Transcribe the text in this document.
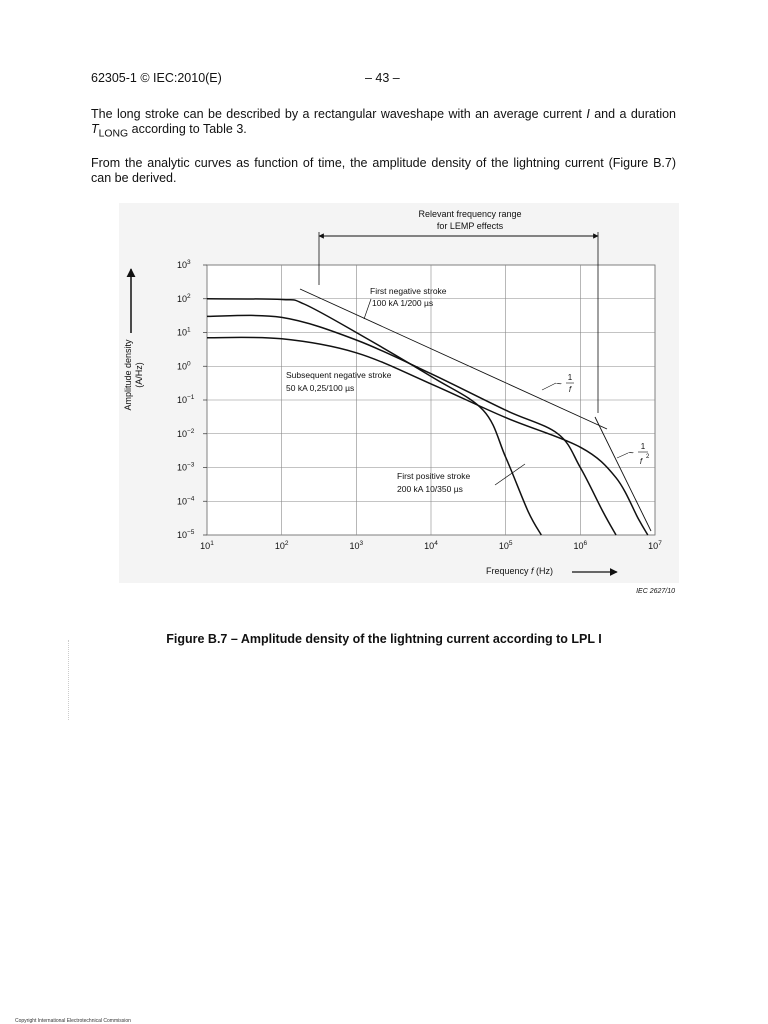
62305-1 © IEC:2010(E)	– 43 –
The long stroke can be described by a rectangular waveshape with an average current I and a duration $T_{LONG}$ according to Table 3.
From the analytic curves as function of time, the amplitude density of the lightning current (Figure B.7) can be derived.
$10^1$	$10^2$	$10^3$	$10^4$	$10^5$	$10^6$	$10^7$
$10^3$
$10^2$
$10^1$
$10^0$
$10^{-1}$
$10^{-2}$
$10^{-3}$
$10^{-4}$
$10^{-5}$
Relevant frequency range
for LEMP effects
Amplitude density (A/Hz)
Frequency f (Hz)
IEC 2627/10
First negative stroke
100 kA 1/200 µs
Subsequent negative stroke
50 kA 0,25/100 µs
First positive stroke
200 kA 10/350 µs
~
1
f
~
1
f 2
Figure B.7 – Amplitude density of the lightning current according to LPL I
Copyright International Electrotechnical Commission
